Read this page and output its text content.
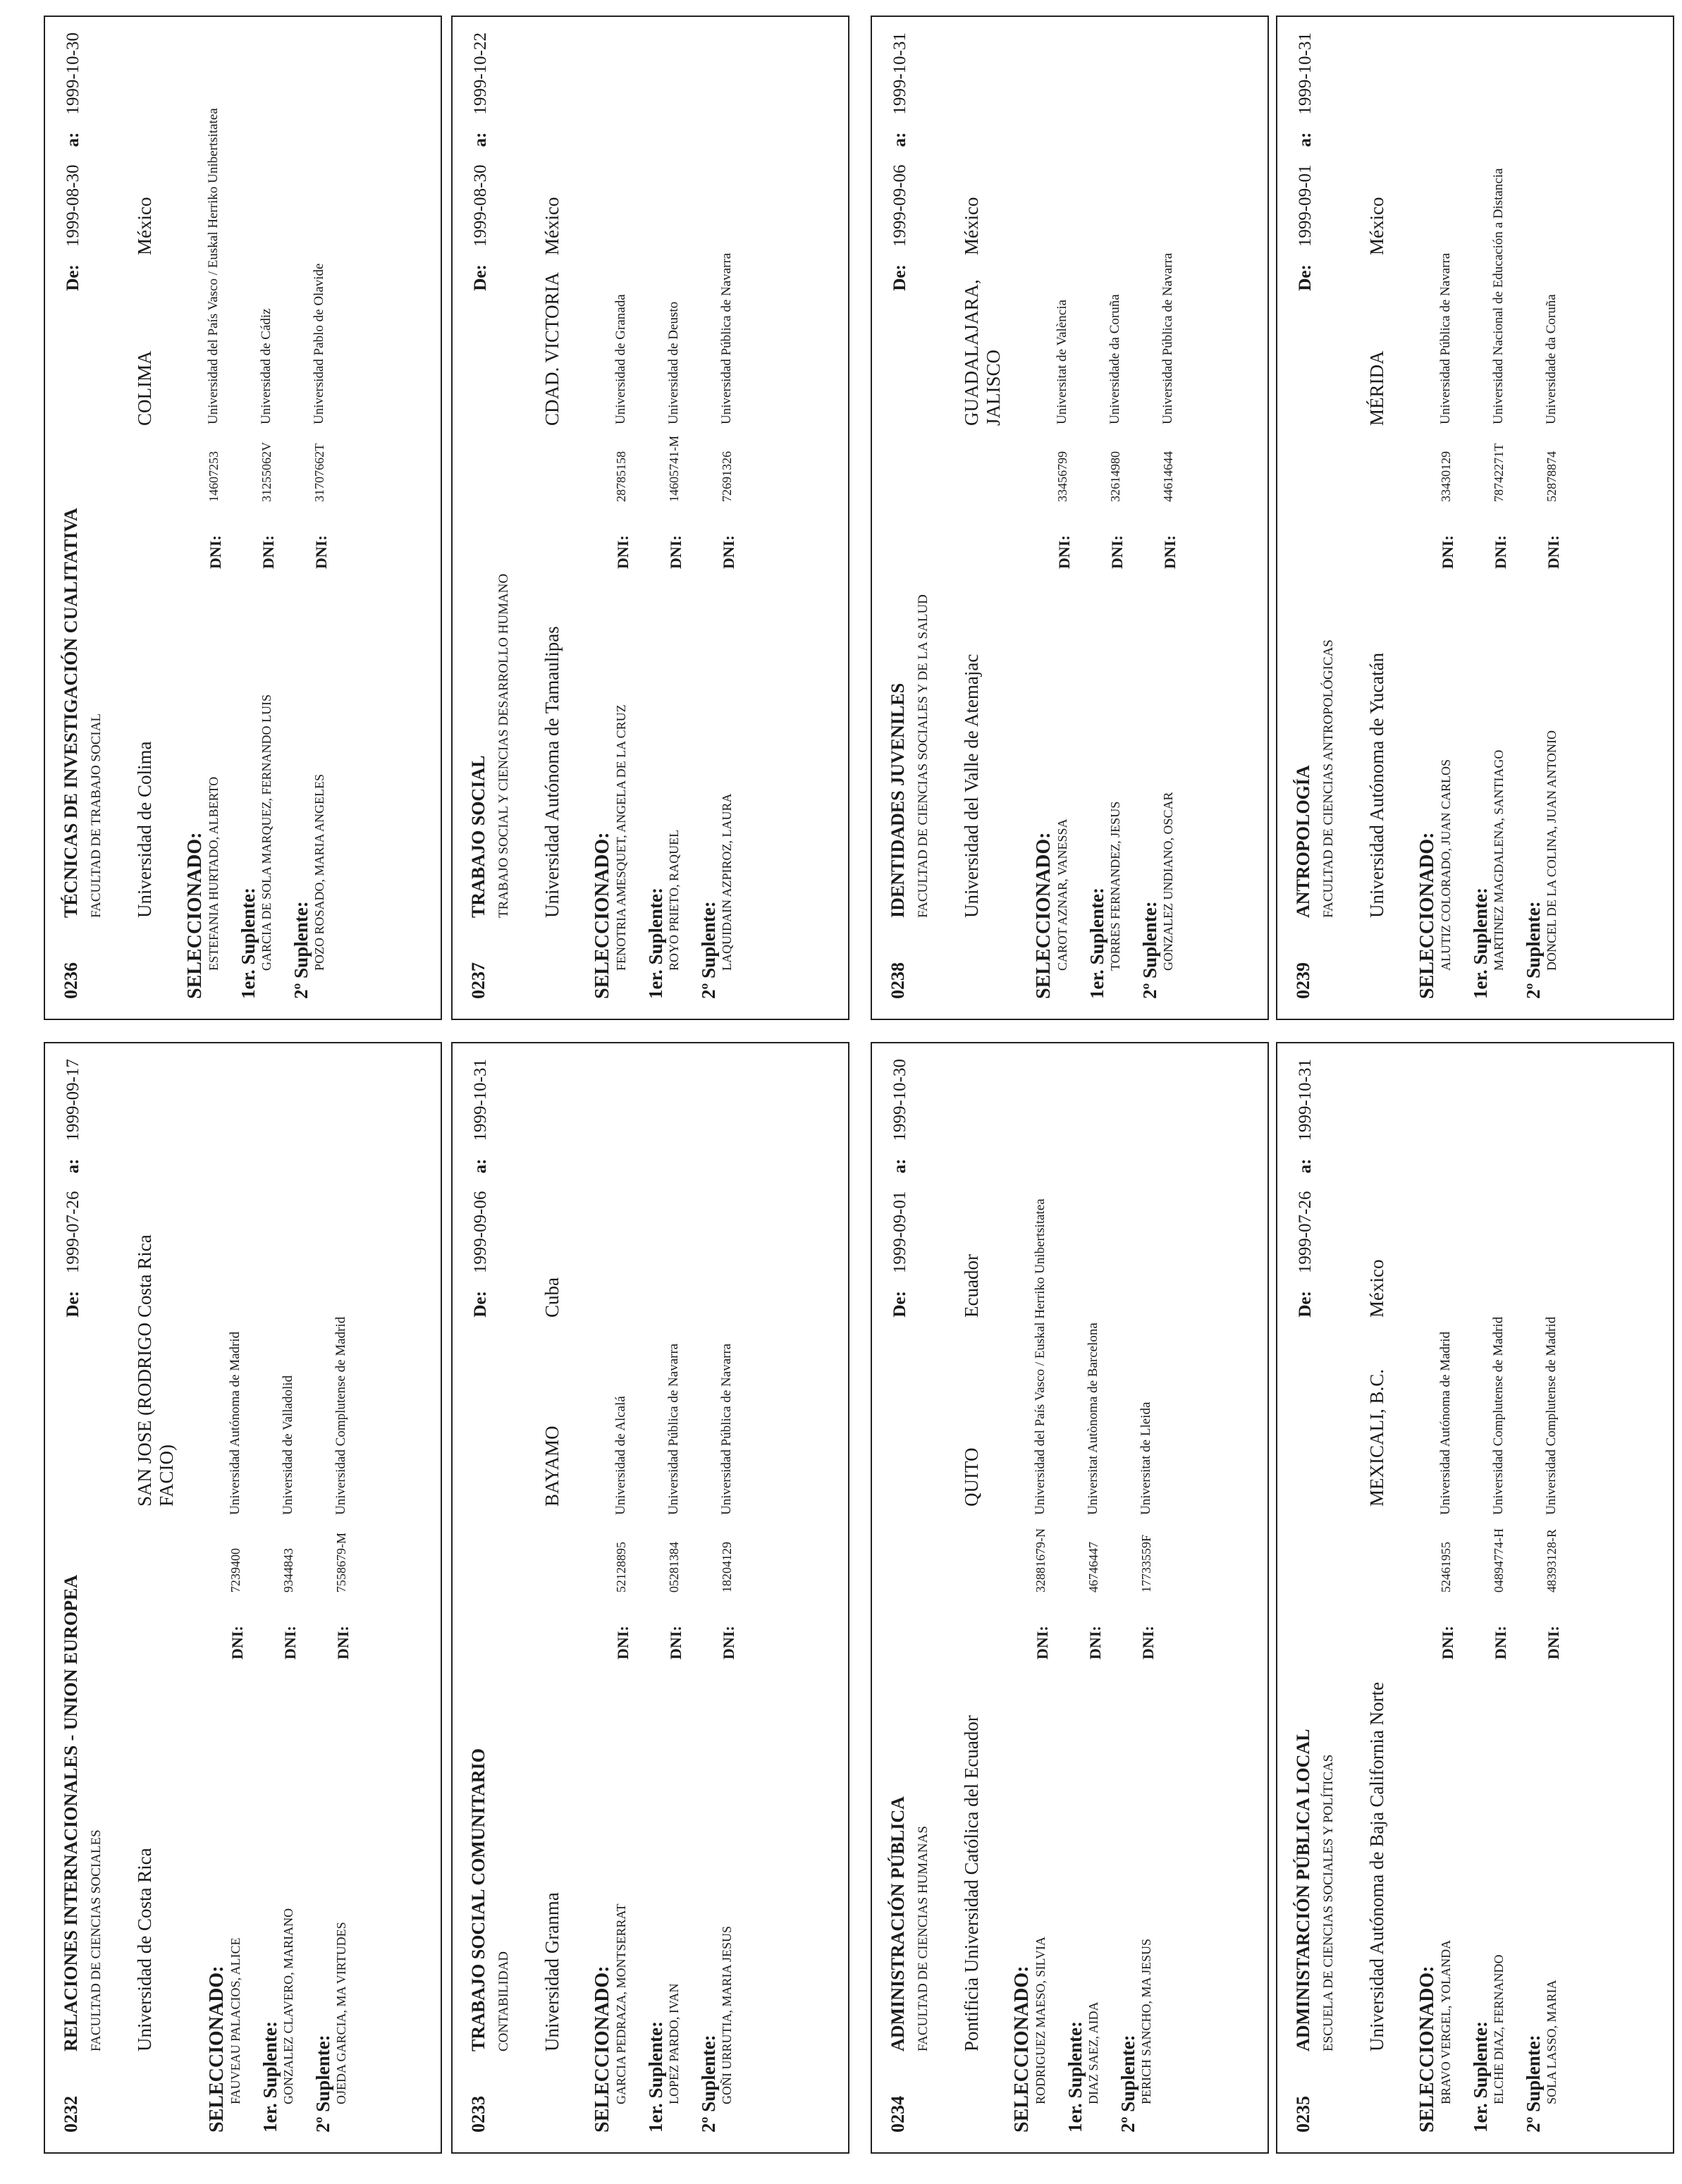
0232
RELACIONES INTERNACIONALES - UNION EUROPEA
De:    1999-07-26    a:    1999-09-17
FACULTAD DE CIENCIAS SOCIALES Universidad de Costa Rica
SAN JOSE (RODRIGO FACIO)
Costa Rica
SELECCIONADO: FAUVEAU PALACIOS, ALICE
DNI:
7239400
Universidad Autónoma de Madrid
1er. Suplente: GONZALEZ CLAVERO, MARIANO
DNI:
9344843
Universidad de Valladolid
2º Suplente: OJEDA GARCIA, MA VIRTUDES
DNI:
7558679-M
Universidad Complutense de Madrid
0233
TRABAJO SOCIAL COMUNITARIO
De:    1999-09-06    a:    1999-10-31
CONTABILIDAD Universidad Granma
BAYAMO
Cuba
SELECCIONADO: GARCIA PEDRAZA, MONTSERRAT
DNI:
52128895
Universidad de Alcalá
1er. Suplente: LOPEZ PARDO, IVAN
DNI:
05281384
Universidad Pública de Navarra
2º Suplente: GOÑI URRUTIA, MARIA JESUS
DNI:
18204129
Universidad Pública de Navarra
0234
ADMINISTRACIÓN PÚBLICA
De:    1999-09-01    a:    1999-10-30
FACULTAD DE CIENCIAS HUMANAS Pontificia Universidad Católica del Ecuador
QUITO
Ecuador
SELECCIONADO: RODRIGUEZ MAESO, SILVIA
DNI:
32881679-N
Universidad del País Vasco / Euskal Herriko Unibertsitatea
1er. Suplente: DIAZ SAEZ, AIDA
DNI:
46746447
Universitat Autònoma de Barcelona
2º Suplente: PERICH SANCHO, MA JESUS
DNI:
17733559F
Universitat de Lleida
0235
ADMINISTARCIÓN PÚBLICA LOCAL
De:    1999-07-26    a:    1999-10-31
ESCUELA DE CIENCIAS SOCIALES Y POLÍTICAS Universidad Autónoma de Baja California Norte
MEXICALI, B.C.
México
SELECCIONADO: BRAVO VERGEL, YOLANDA
DNI:
52461955
Universidad Autónoma de Madrid
1er. Suplente: ELCHE DIAZ, FERNANDO
DNI:
04894774-H
Universidad Complutense de Madrid
2º Suplente: SOLA LASSO, MARIA
DNI:
48393128-R
Universidad Complutense de Madrid
0236
TÉCNICAS DE INVESTIGACIÓN CUALITATIVA
De:    1999-08-30    a:    1999-10-30
FACULTAD DE TRABAJO SOCIAL Universidad de Colima
COLIMA
México
SELECCIONADO: ESTEFANIA HURTADO, ALBERTO
DNI:
14607253
Universidad del País Vasco / Euskal Herriko Unibertsitatea
1er. Suplente: GARCIA DE SOLA MARQUEZ, FERNANDO LUIS
DNI:
31255062V
Universidad de Cádiz
2º Suplente: POZO ROSADO, MARIA ANGELES
DNI:
31707662T
Universidad Pablo de Olavide
0237
TRABAJO SOCIAL
De:    1999-08-30    a:    1999-10-22
TRABAJO SOCIAL Y CIENCIAS DESARROLLO HUMANO Universidad Autónoma de Tamaulipas
CDAD. VICTORIA
México
SELECCIONADO: FENOTRIA AMESQUET, ANGELA DE LA CRUZ
DNI:
28785158
Universidad de Granada
1er. Suplente: ROYO PRIETO, RAQUEL
DNI:
14605741-M
Universidad de Deusto
2º Suplente: LAQUIDAIN AZPIROZ, LAURA
DNI:
72691326
Universidad Pública de Navarra
0238
IDENTIDADES JUVENILES
De:    1999-09-06    a:    1999-10-31
FACULTAD DE CIENCIAS SOCIALES Y DE LA SALUD Universidad del Valle de Atemajac
GUADALAJARA, JALISCO
México
SELECCIONADO: CAROT AZNAR, VANESSA
DNI:
33456799
Universitat de València
1er. Suplente: TORRES FERNANDEZ, JESUS
DNI:
32614980
Universidade da Coruña
2º Suplente: GONZALEZ UNDIANO, OSCAR
DNI:
44614644
Universidad Pública de Navarra
0239
ANTROPOLOGÍA
De:    1999-09-01    a:    1999-10-31
FACULTAD DE CIENCIAS ANTROPOLÓGICAS Universidad Autónoma de Yucatán
MÉRIDA
México
SELECCIONADO: ALUTIZ COLORADO, JUAN CARLOS
DNI:
33430129
Universidad Pública de Navarra
1er. Suplente: MARTINEZ MAGDALENA, SANTIAGO
DNI:
78742271T
Universidad Nacional de Educación a Distancia
2º Suplente: DONCEL DE LA COLINA, JUAN ANTONIO
DNI:
52878874
Universidade da Coruña
